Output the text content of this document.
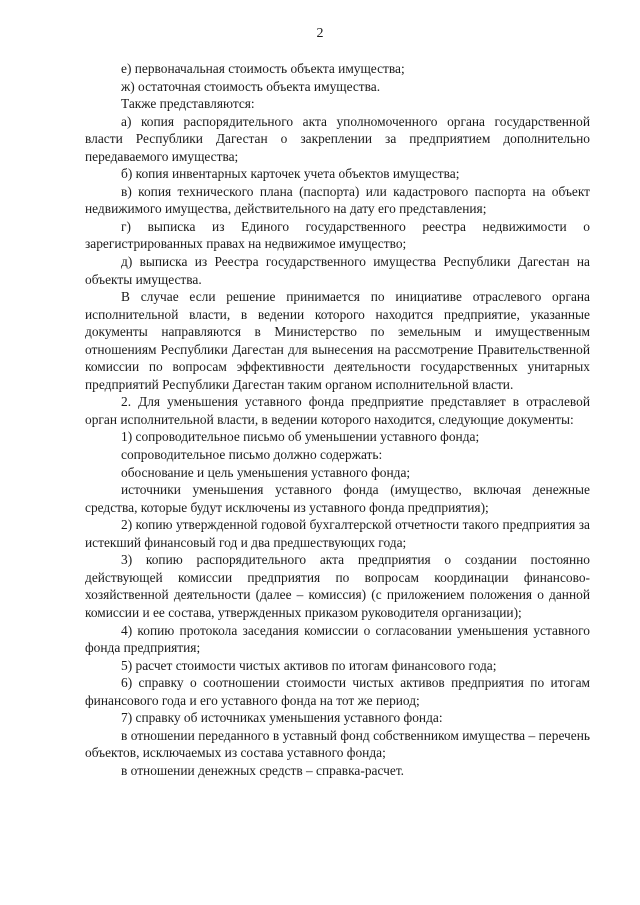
2

е) первоначальная стоимость объекта имущества;

ж) остаточная стоимость объекта имущества.

Также представляются:

а) копия распорядительного акта уполномоченного органа государственной власти Республики Дагестан о закреплении за предприятием дополнительно передаваемого имущества;

б) копия инвентарных карточек учета объектов имущества;

в) копия технического плана (паспорта) или кадастрового паспорта на объект недвижимого имущества, действительного на дату его представления;

г) выписка из Единого государственного реестра недвижимости о зарегистрированных правах на недвижимое имущество;

д) выписка из Реестра государственного имущества Республики Дагестан на объекты имущества.

В случае если решение принимается по инициативе отраслевого органа исполнительной власти, в ведении которого находится предприятие, указанные документы направляются в Министерство по земельным и имущественным отношениям Республики Дагестан для вынесения на рассмотрение Правительственной комиссии по вопросам эффективности деятельности государственных унитарных предприятий Республики Дагестан таким органом исполнительной власти.

2. Для уменьшения уставного фонда предприятие представляет в отраслевой орган исполнительной власти, в ведении которого находится, следующие документы:

1) сопроводительное письмо об уменьшении уставного фонда;

сопроводительное письмо должно содержать:

обоснование и цель уменьшения уставного фонда;

источники уменьшения уставного фонда (имущество, включая денежные средства, которые будут исключены из уставного фонда предприятия);

2) копию утвержденной годовой бухгалтерской отчетности такого предприятия за истекший финансовый год и два предшествующих года;

3) копию распорядительного акта предприятия о создании постоянно действующей комиссии предприятия по вопросам координации финансово-хозяйственной деятельности (далее – комиссия) (с приложением положения о данной комиссии и ее состава, утвержденных приказом руководителя организации);

4) копию протокола заседания комиссии о согласовании уменьшения уставного фонда предприятия;

5) расчет стоимости чистых активов по итогам финансового года;

6) справку о соотношении стоимости чистых активов предприятия по итогам финансового года и его уставного фонда на тот же период;

7) справку об источниках уменьшения уставного фонда:

в отношении переданного в уставный фонд собственником имущества – перечень объектов, исключаемых из состава уставного фонда;

в отношении денежных средств – справка-расчет.
